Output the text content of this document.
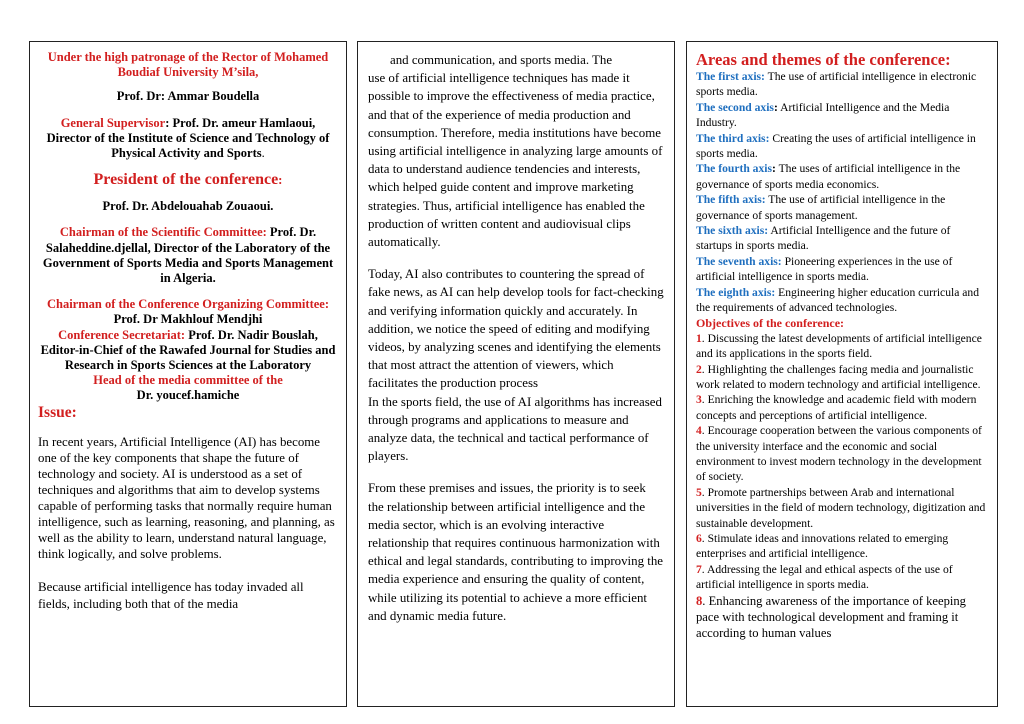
Under the high patronage of the Rector of Mohamed Boudiaf University M’sila,

Prof. Dr: Ammar Boudella

General Supervisor: Prof. Dr. ameur Hamlaoui, Director of the Institute of Science and Technology of Physical Activity and Sports.

President of the conference:

Prof. Dr. Abdelouahab Zouaoui.

Chairman of the Scientific Committee: Prof. Dr. Salaheddine.djellal, Director of the Laboratory of the Government of Sports Media and Sports Management in Algeria.

Chairman of the Conference Organizing Committee: Prof. Dr Makhlouf Mendjhi

Conference Secretariat: Prof. Dr. Nadir Bouslah, Editor-in-Chief of the Rawafed Journal for Studies and Research in Sports Sciences at the Laboratory

Head of the media committee of the

Dr. youcef.hamiche

Issue:

In recent years, Artificial Intelligence (AI) has become one of the key components that shape the future of technology and society. AI is understood as a set of techniques and algorithms that aim to develop systems capable of performing tasks that normally require human intelligence, such as learning, reasoning, and planning, as well as the ability to learn, understand natural language, think logically, and solve problems.

Because artificial intelligence has today invaded all fields, including both that of the media

and communication, and sports media. The
use of artificial intelligence techniques has made it possible to improve the effectiveness of media practice, and that of the experience of media production and consumption. Therefore, media institutions have become using artificial intelligence in analyzing large amounts of data to understand audience tendencies and interests, which helped guide content and improve marketing strategies. Thus, artificial intelligence has enabled the production of written content and audiovisual clips automatically.

Today, AI also contributes to countering the spread of fake news, as AI can help develop tools for fact-checking and verifying information quickly and accurately. In addition, we notice the speed of editing and modifying videos, by analyzing scenes and identifying the elements that most attract the attention of viewers, which facilitates the production process

In the sports field, the use of AI algorithms has increased through programs and applications to measure and analyze data, the technical and tactical performance of players.

From these premises and issues, the priority is to seek the relationship between artificial intelligence and the media sector, which is an evolving interactive relationship that requires continuous harmonization with ethical and legal standards, contributing to improving the media experience and ensuring the quality of content, while utilizing its potential to achieve a more efficient and dynamic media future.

Areas and themes of the conference:

The first axis: The use of artificial intelligence in electronic sports media.

The second axis: Artificial Intelligence and the Media Industry.

The third axis: Creating the uses of artificial intelligence in sports media.

The fourth axis: The uses of artificial intelligence in the governance of sports media economics.

The fifth axis: The use of artificial intelligence in the governance of sports management.

The sixth axis: Artificial Intelligence and the future of startups in sports media.

The seventh axis: Pioneering experiences in the use of artificial intelligence in sports media.

The eighth axis: Engineering higher education curricula and the requirements of advanced technologies.

Objectives of the conference:

1. Discussing the latest developments of artificial intelligence and its applications in the sports field.

2. Highlighting the challenges facing media and journalistic work related to modern technology and artificial intelligence.

3. Enriching the knowledge and academic field with modern concepts and perceptions of artificial intelligence.

4. Encourage cooperation between the various components of the university interface and the economic and social environment to invest modern technology in the development of society.

5. Promote partnerships between Arab and international universities in the field of modern technology, digitization and sustainable development.

6. Stimulate ideas and innovations related to emerging enterprises and artificial intelligence.

7. Addressing the legal and ethical aspects of the use of artificial intelligence in sports media.

8. Enhancing awareness of the importance of keeping pace with technological development and framing it according to human values
